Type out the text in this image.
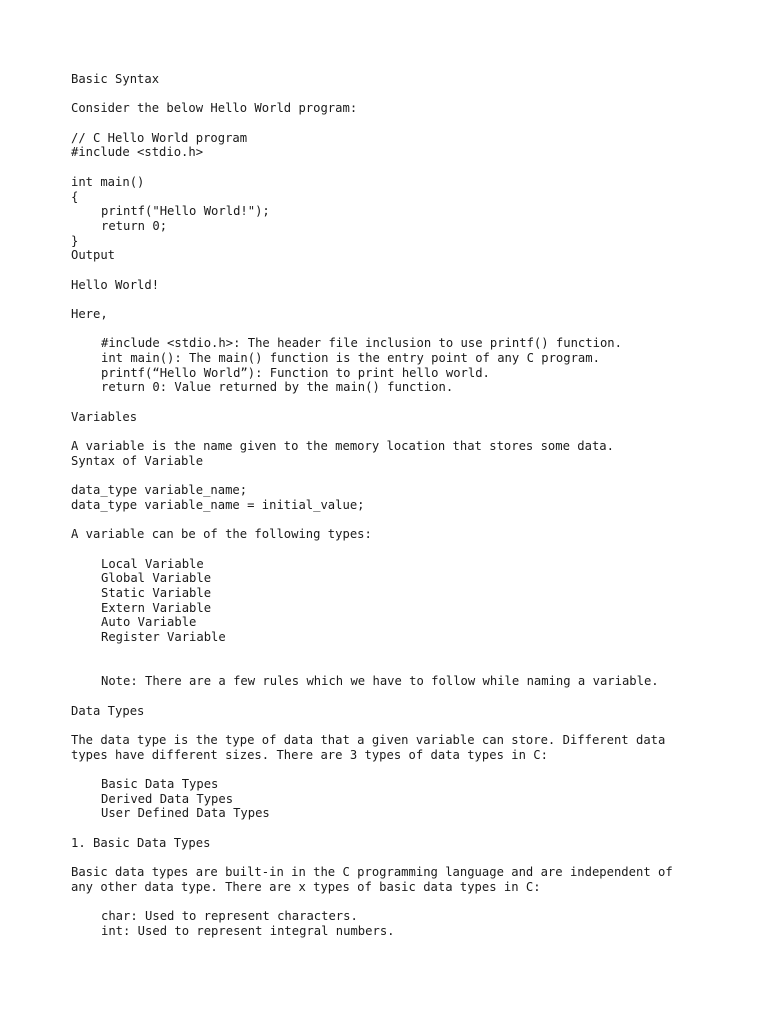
Basic Syntax
Consider the below Hello World program:
// C Hello World program
#include <stdio.h>
int main()
{
printf("Hello World!");
return 0;
}
Output
Hello World!
Here,
#include <stdio.h>: The header file inclusion to use printf() function.
int main(): The main() function is the entry point of any C program.
printf(“Hello World”): Function to print hello world.
return 0: Value returned by the main() function.
Variables
A variable is the name given to the memory location that stores some data.
Syntax of Variable
data_type variable_name;
data_type variable_name = initial_value;
A variable can be of the following types:
Local Variable
Global Variable
Static Variable
Extern Variable
Auto Variable
Register Variable
Note: There are a few rules which we have to follow while naming a variable.
Data Types
The data type is the type of data that a given variable can store. Different data
types have different sizes. There are 3 types of data types in C:
Basic Data Types
Derived Data Types
User Defined Data Types
1. Basic Data Types
Basic data types are built-in in the C programming language and are independent of
any other data type. There are x types of basic data types in C:
char: Used to represent characters.
int: Used to represent integral numbers.
